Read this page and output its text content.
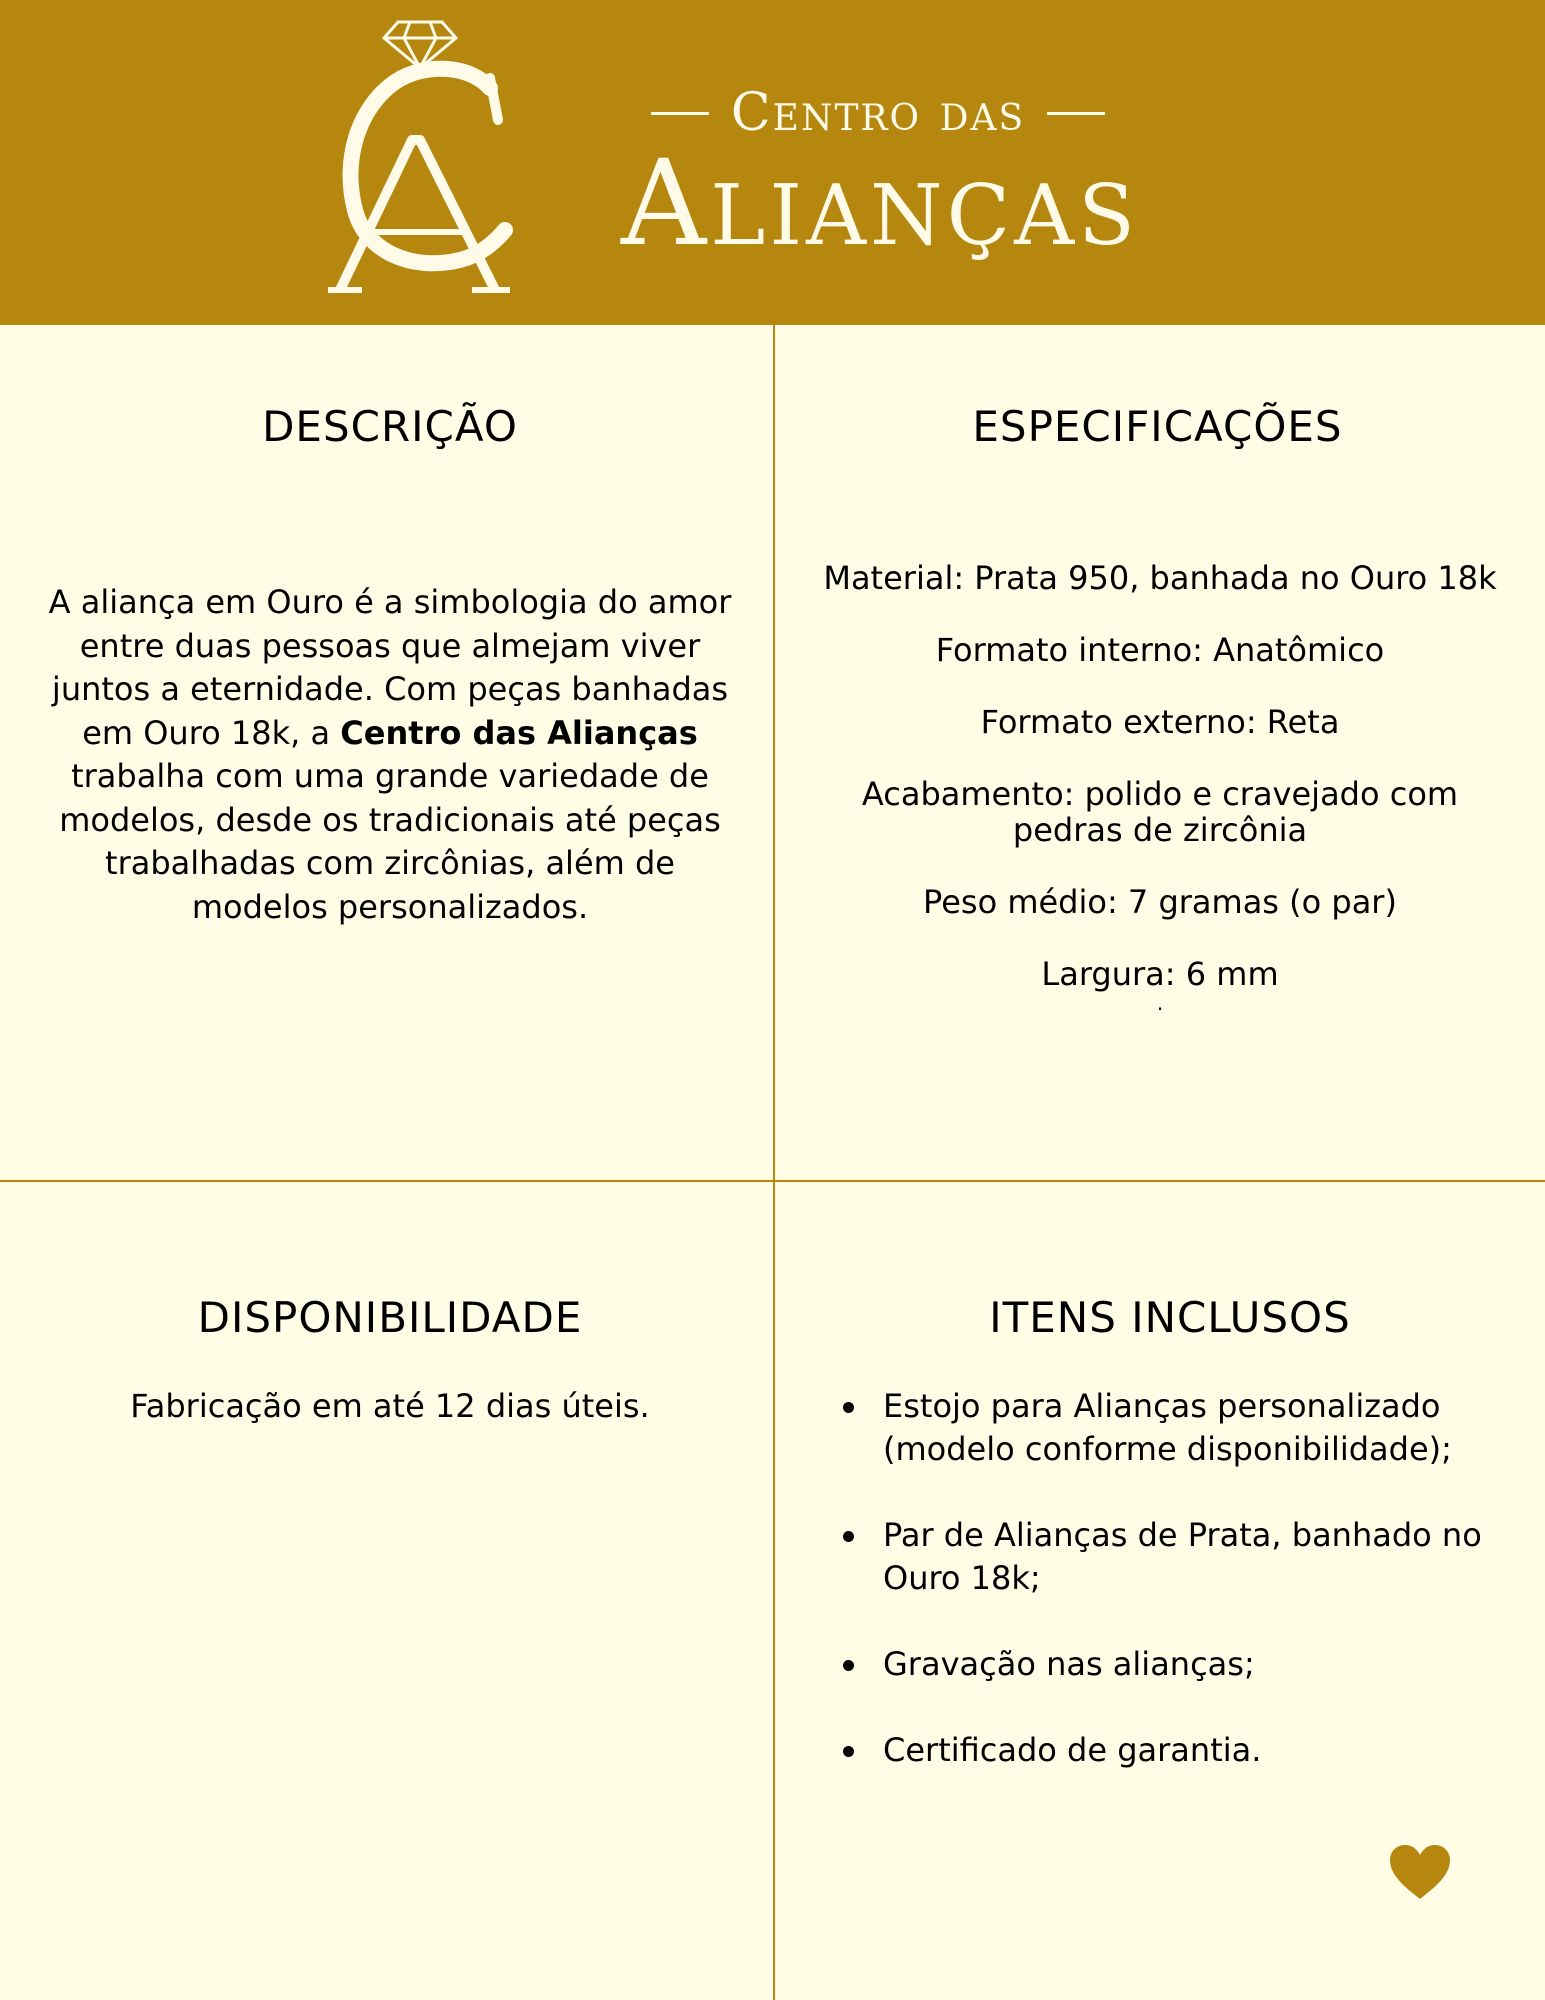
Centro das
Alianças
DESCRIÇÃO
A aliança em Ouro é a simbologia do amor entre duas pessoas que almejam viver juntos a eternidade. Com peças banhadas em Ouro 18k, a Centro das Alianças trabalha com uma grande variedade de modelos, desde os tradicionais até peças trabalhadas com zircônias, além de modelos personalizados.
ESPECIFICAÇÕES
Material: Prata 950, banhada no Ouro 18k
Formato interno: Anatômico
Formato externo: Reta
Acabamento: polido e cravejado com pedras de zircônia
Peso médio: 7 gramas (o par)
Largura: 6 mm
.
DISPONIBILIDADE
Fabricação em até 12 dias úteis.
ITENS INCLUSOS
Estojo para Alianças personalizado (modelo conforme disponibilidade);
Par de Alianças de Prata, banhado no Ouro 18k;
Gravação nas alianças;
Certificado de garantia.
